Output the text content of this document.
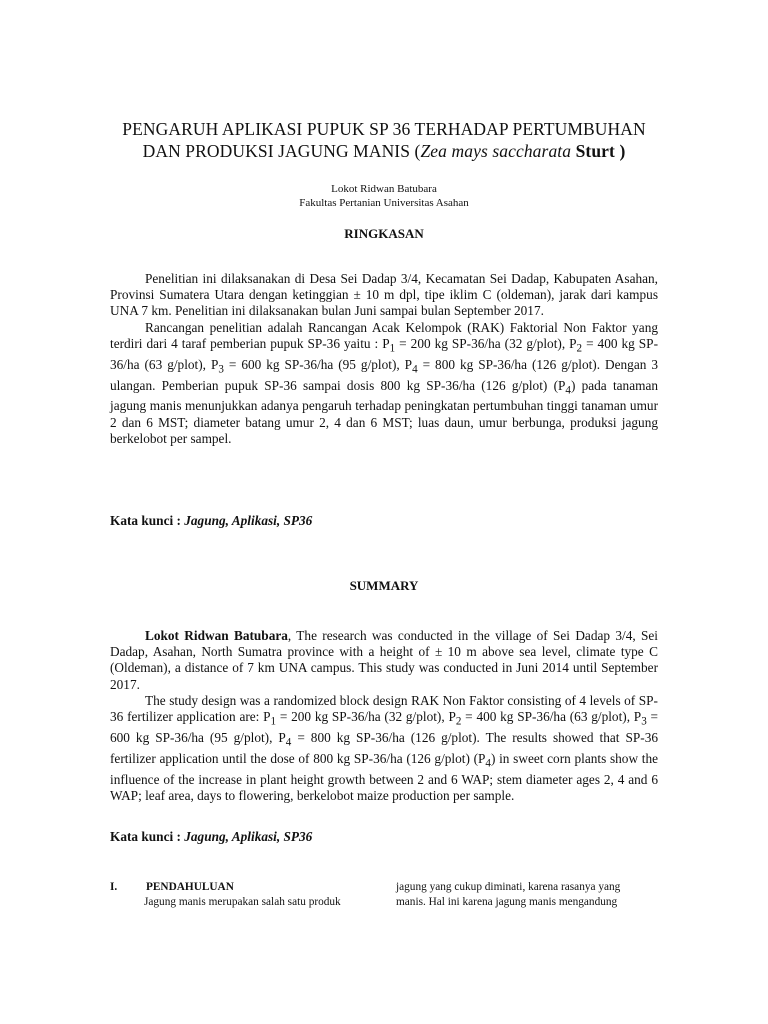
PENGARUH APLIKASI PUPUK SP 36 TERHADAP PERTUMBUHAN
DAN PRODUKSI JAGUNG MANIS (Zea mays saccharata Sturt )
Lokot Ridwan Batubara
Fakultas Pertanian Universitas Asahan
RINGKASAN

Penelitian ini dilaksanakan di Desa Sei Dadap 3/4, Kecamatan Sei Dadap, Kabupaten Asahan, Provinsi Sumatera Utara dengan ketinggian ± 10 m dpl, tipe iklim C (oldeman), jarak dari kampus UNA 7 km. Penelitian ini dilaksanakan bulan Juni sampai bulan September 2017.

Rancangan penelitian adalah Rancangan Acak Kelompok (RAK) Faktorial Non Faktor yang terdiri dari 4 taraf pemberian pupuk SP-36 yaitu : $P_1 = 200$ kg SP-36/ha (32 g/plot), $P_2 = 400$ kg SP-36/ha (63 g/plot), $P_3 = 600$ kg SP-36/ha (95 g/plot), $P_4 = 800$ kg SP-36/ha (126 g/plot). Dengan 3 ulangan. Pemberian pupuk SP-36 sampai dosis 800 kg SP-36/ha (126 g/plot) $(P_4)$ pada tanaman jagung manis menunjukkan adanya pengaruh terhadap peningkatan pertumbuhan tinggi tanaman umur 2 dan 6 MST; diameter batang umur 2, 4 dan 6 MST; luas daun, umur berbunga, produksi jagung berkelobot per sampel.

Kata kunci : Jagung, Aplikasi, SP36
SUMMARY

Lokot Ridwan Batubara, The research was conducted in the village of Sei Dadap 3/4, Sei Dadap, Asahan, North Sumatra province with a height of ± 10 m above sea level, climate type C (Oldeman), a distance of 7 km UNA campus. This study was conducted in Juni 2014 until September 2017.

The study design was a randomized block design RAK Non Faktor consisting of 4 levels of SP-36 fertilizer application are: $P_1 = 200$ kg SP-36/ha (32 g/plot), $P_2 = 400$ kg SP-36/ha (63 g/plot), $P_3 = 600$ kg SP-36/ha (95 g/plot), $P_4 = 800$ kg SP-36/ha (126 g/plot). The results showed that SP-36 fertilizer application until the dose of 800 kg SP-36/ha (126 g/plot) $(P_4)$ in sweet corn plants show the influence of the increase in plant height growth between 2 and 6 WAP; stem diameter ages 2, 4 and 6 WAP; leaf area, days to flowering, berkelobot maize production per sample.

Kata kunci : Jagung, Aplikasi, SP36
I.	PENDAHULUAN
Jagung manis merupakan salah satu produk
jagung yang cukup diminati, karena rasanya yang
manis. Hal ini karena jagung manis mengandung
